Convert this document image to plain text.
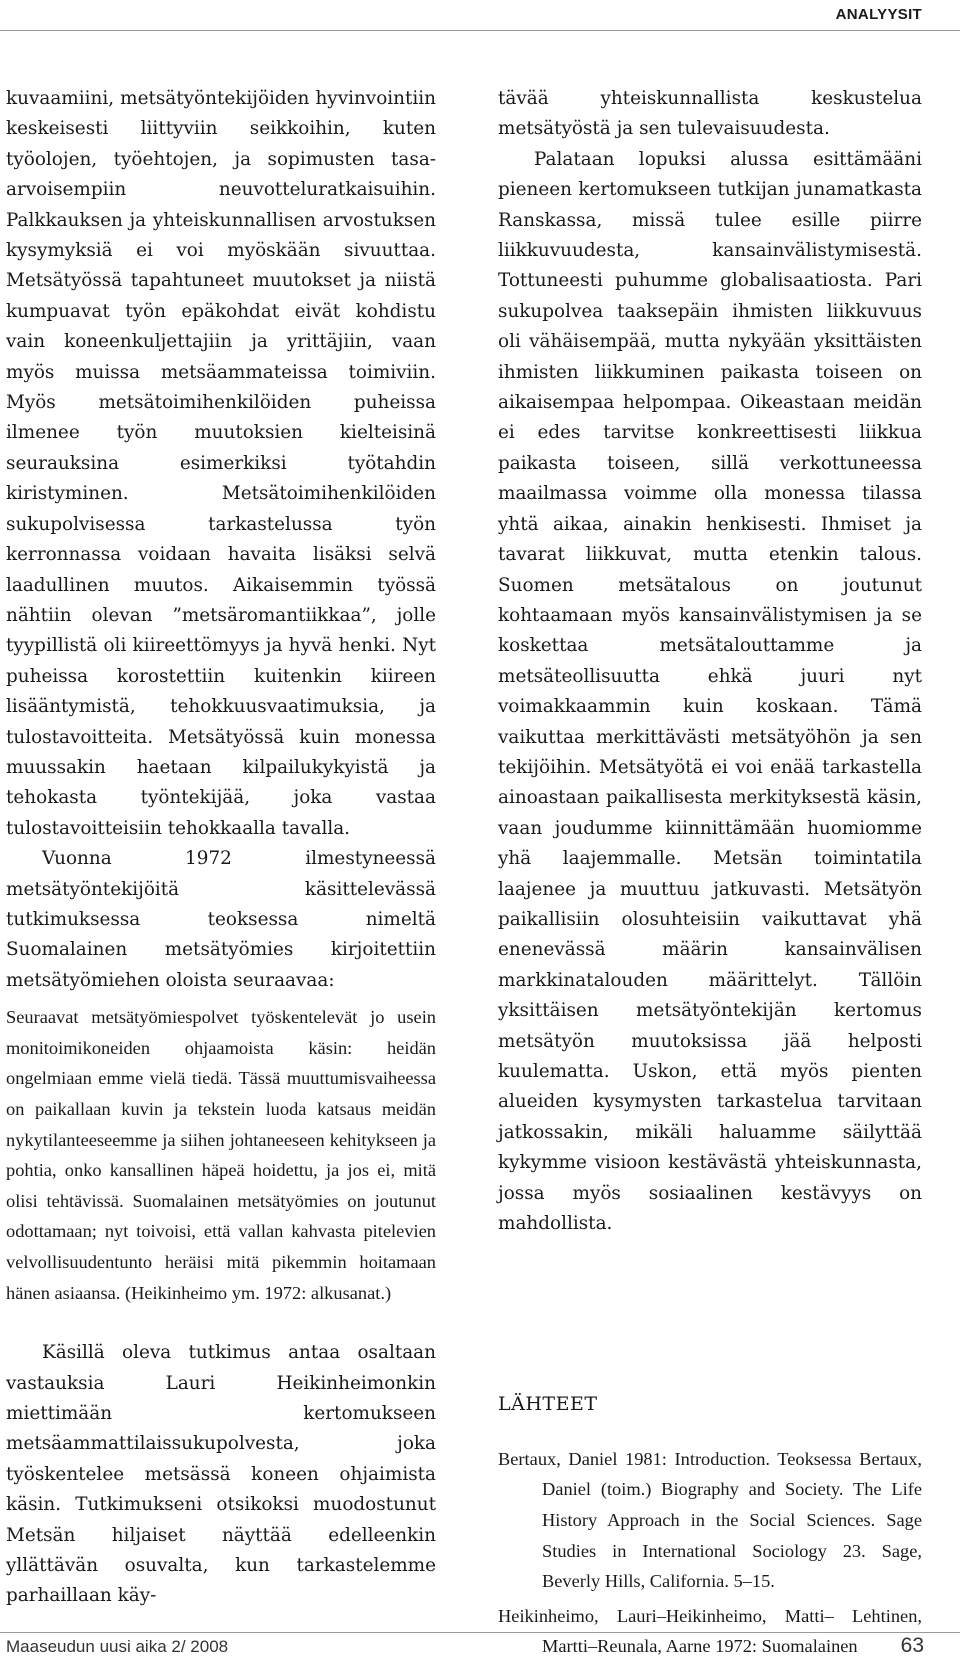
ANALYYSIT

kuvaamiini, metsätyöntekijöiden hyvinvointiin keskeisesti liittyviin seikkoihin, kuten työolojen, työehtojen, ja sopimusten tasa-arvoisempiin neuvotteluratkaisuihin. Palkkauksen ja yhteiskunnallisen arvostuksen kysymyksiä ei voi myöskään sivuuttaa. Metsätyössä tapahtuneet muutokset ja niistä kumpuavat työn epäkohdat eivät kohdistu vain koneenkuljettajiin ja yrittäjiin, vaan myös muissa metsäammateissa toimiviin. Myös metsätoimihenkilöiden puheissa ilmenee työn muutoksien kielteisinä seurauksina esimerkiksi työtahdin kiristyminen. Metsätoimihenkilöiden sukupolvisessa tarkastelussa työn kerronnassa voidaan havaita lisäksi selvä laadullinen muutos. Aikaisemmin työssä nähtiin olevan ”metsäromantiikkaa”, jolle tyypillistä oli kiireettömyys ja hyvä henki. Nyt puheissa korostettiin kuitenkin kiireen lisääntymistä, tehokkuusvaatimuksia, ja tulostavoitteita. Metsätyössä kuin monessa muussakin haetaan kilpailukykyistä ja tehokasta työntekijää, joka vastaa tulostavoitteisiin tehokkaalla tavalla.

Vuonna 1972 ilmestyneessä metsätyöntekijöitä käsittelevässä tutkimuksessa teoksessa nimeltä Suomalainen metsätyömies kirjoitettiin metsätyömiehen oloista seuraavaa:

Seuraavat metsätyömiespolvet työskentelevät jo usein monitoimikoneiden ohjaamoista käsin: heidän ongelmiaan emme vielä tiedä. Tässä muuttumisvaiheessa on paikallaan kuvin ja tekstein luoda katsaus meidän nykytilanteeseemme ja siihen johtaneeseen kehitykseen ja pohtia, onko kansallinen häpeä hoidettu, ja jos ei, mitä olisi tehtävissä. Suomalainen metsätyömies on joutunut odottamaan; nyt toivoisi, että vallan kahvasta pitelevien velvollisuudentunto heräisi mitä pikemmin hoitamaan hänen asiaansa. (Heikinheimo ym. 1972: alkusanat.)

Käsillä oleva tutkimus antaa osaltaan vastauksia Lauri Heikinheimonkin miettimään kertomukseen metsäammattilaissukupolvesta, joka työskentelee metsässä koneen ohjaimista käsin. Tutkimukseni otsikoksi muodostunut Metsän hiljaiset näyttää edelleenkin yllättävän osuvalta, kun tarkastelemme parhaillaan käy-

tävää yhteiskunnallista keskustelua metsätyöstä ja sen tulevaisuudesta.

Palataan lopuksi alussa esittämääni pieneen kertomukseen tutkijan junamatkasta Ranskassa, missä tulee esille piirre liikkuvuudesta, kansainvälistymisestä. Tottuneesti puhumme globalisaatiosta. Pari sukupolvea taaksepäin ihmisten liikkuvuus oli vähäisempää, mutta nykyään yksittäisten ihmisten liikkuminen paikasta toiseen on aikaisempaa helpompaa. Oikeastaan meidän ei edes tarvitse konkreettisesti liikkua paikasta toiseen, sillä verkottuneessa maailmassa voimme olla monessa tilassa yhtä aikaa, ainakin henkisesti. Ihmiset ja tavarat liikkuvat, mutta etenkin talous. Suomen metsätalous on joutunut kohtaamaan myös kansainvälistymisen ja se koskettaa metsätalouttamme ja metsäteollisuutta ehkä juuri nyt voimakkaammin kuin koskaan. Tämä vaikuttaa merkittävästi metsätyöhön ja sen tekijöihin. Metsätyötä ei voi enää tarkastella ainoastaan paikallisesta merkityksestä käsin, vaan joudumme kiinnittämään huomiomme yhä laajemmalle. Metsän toimintatila laajenee ja muuttuu jatkuvasti. Metsätyön paikallisiin olosuhteisiin vaikuttavat yhä enenevässä määrin kansainvälisen markkinatalouden määrittelyt. Tällöin yksittäisen metsätyöntekijän kertomus metsätyön muutoksissa jää helposti kuulematta. Uskon, että myös pienten alueiden kysymysten tarkastelua tarvitaan jatkossakin, mikäli haluamme säilyttää kykymme visioon kestävästä yhteiskunnasta, jossa myös sosiaalinen kestävyys on mahdollista.

LÄHTEET

Bertaux, Daniel 1981: Introduction. Teoksessa Bertaux, Daniel (toim.) Biography and Society. The Life History Approach in the Social Sciences. Sage Studies in International Sociology 23. Sage, Beverly Hills, California. 5–15.
Heikinheimo, Lauri–Heikinheimo, Matti– Lehtinen, Martti–Reunala, Aarne 1972: Suomalainen
Maaseudun uusi aika 2/ 2008	63
